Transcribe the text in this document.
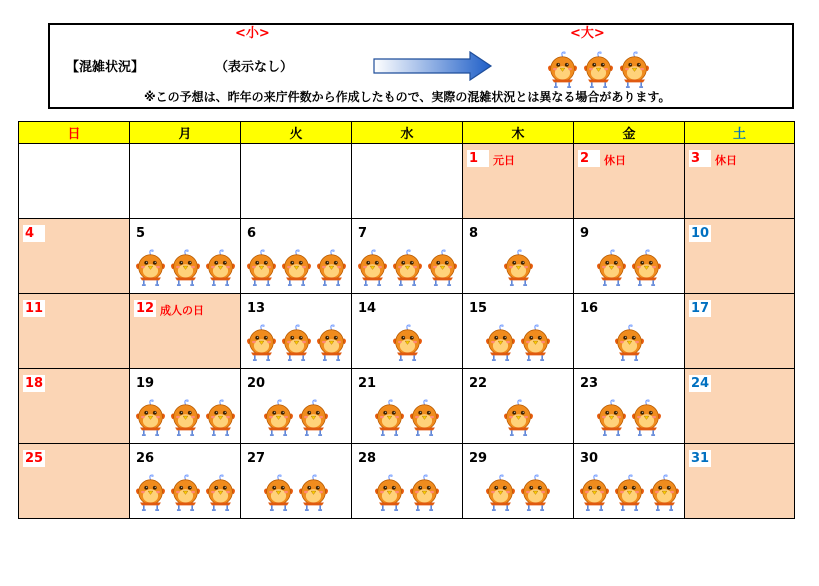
<小>	<大>
【混雑状況】	（表示なし）
※この予想は、昨年の来庁件数から作成したもので、実際の混雑状況とは異なる場合があります。
日	月	火	水	木	金	土

				1 元日	2 休日	3 休日

4	5	6	7	8	9	10

11	12 成人の日	13	14	15	16	17

18	19	20	21	22	23	24

25	26	27	28	29	30	31
